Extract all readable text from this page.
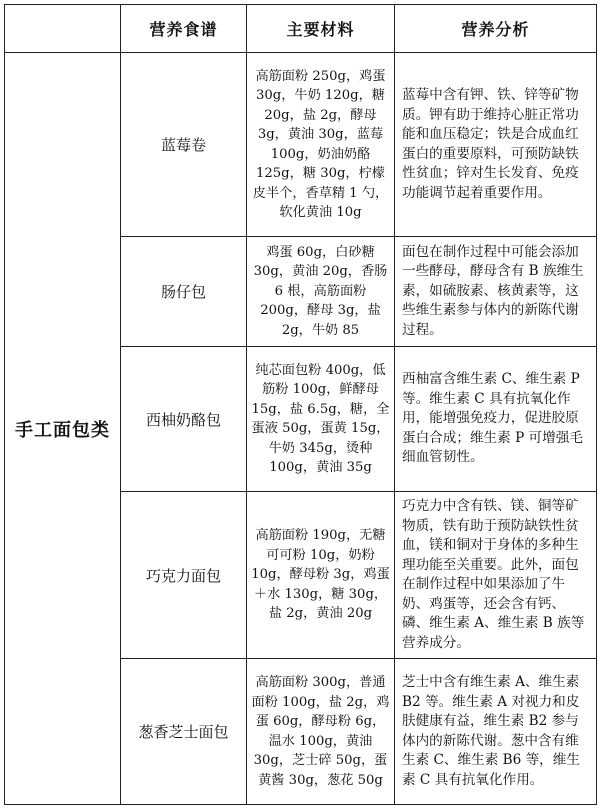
	营养食谱	主要材料	营养分析
手工面包类	蓝莓卷	高筋面粉 250g，鸡蛋 30g，牛奶 120g，糖 20g，盐 2g，酵母 3g，黄油 30g，蓝莓 100g，奶油奶酪 125g，糖 30g，柠檬皮半个，香草精 1 勺，软化黄油 10g	蓝莓中含有钾、铁、锌等矿物质。钾有助于维持心脏正常功能和血压稳定；铁是合成血红蛋白的重要原料，可预防缺铁性贫血；锌对生长发育、免疫功能调节起着重要作用。
	肠仔包	鸡蛋 60g，白砂糖 30g，黄油 20g，香肠 6 根，高筋面粉 200g，酵母 3g，盐 2g，牛奶 85	面包在制作过程中可能会添加一些酵母，酵母含有 B 族维生素，如硫胺素、核黄素等，这些维生素参与体内的新陈代谢过程。
	西柚奶酪包	纯芯面包粉 400g，低筋粉 100g，鲜酵母 15g，盐 6.5g，糖，全蛋液 50g，蛋黄 15g，牛奶 345g，烫种 100g，黄油 35g	西柚富含维生素 C、维生素 P 等。维生素 C 具有抗氧化作用，能增强免疫力，促进胶原蛋白合成；维生素 P 可增强毛细血管韧性。
	巧克力面包	高筋面粉 190g，无糖可可粉 10g，奶粉 10g，酵母粉 3g，鸡蛋＋水 130g，糖 30g，盐 2g，黄油 20g	巧克力中含有铁、镁、铜等矿物质，铁有助于预防缺铁性贫血，镁和铜对于身体的多种生理功能至关重要。此外，面包在制作过程中如果添加了牛奶、鸡蛋等，还会含有钙、磷、维生素 A、维生素 B 族等营养成分。
	葱香芝士面包	高筋面粉 300g，普通面粉 100g，盐 2g，鸡蛋 60g，酵母粉 6g，温水 100g，黄油 30g，芝士碎 50g，蛋黄酱 30g，葱花 50g	芝士中含有维生素 A、维生素 B2 等。维生素 A 对视力和皮肤健康有益，维生素 B2 参与体内的新陈代谢。葱中含有维生素 C、维生素 B6 等，维生素 C 具有抗氧化作用。
